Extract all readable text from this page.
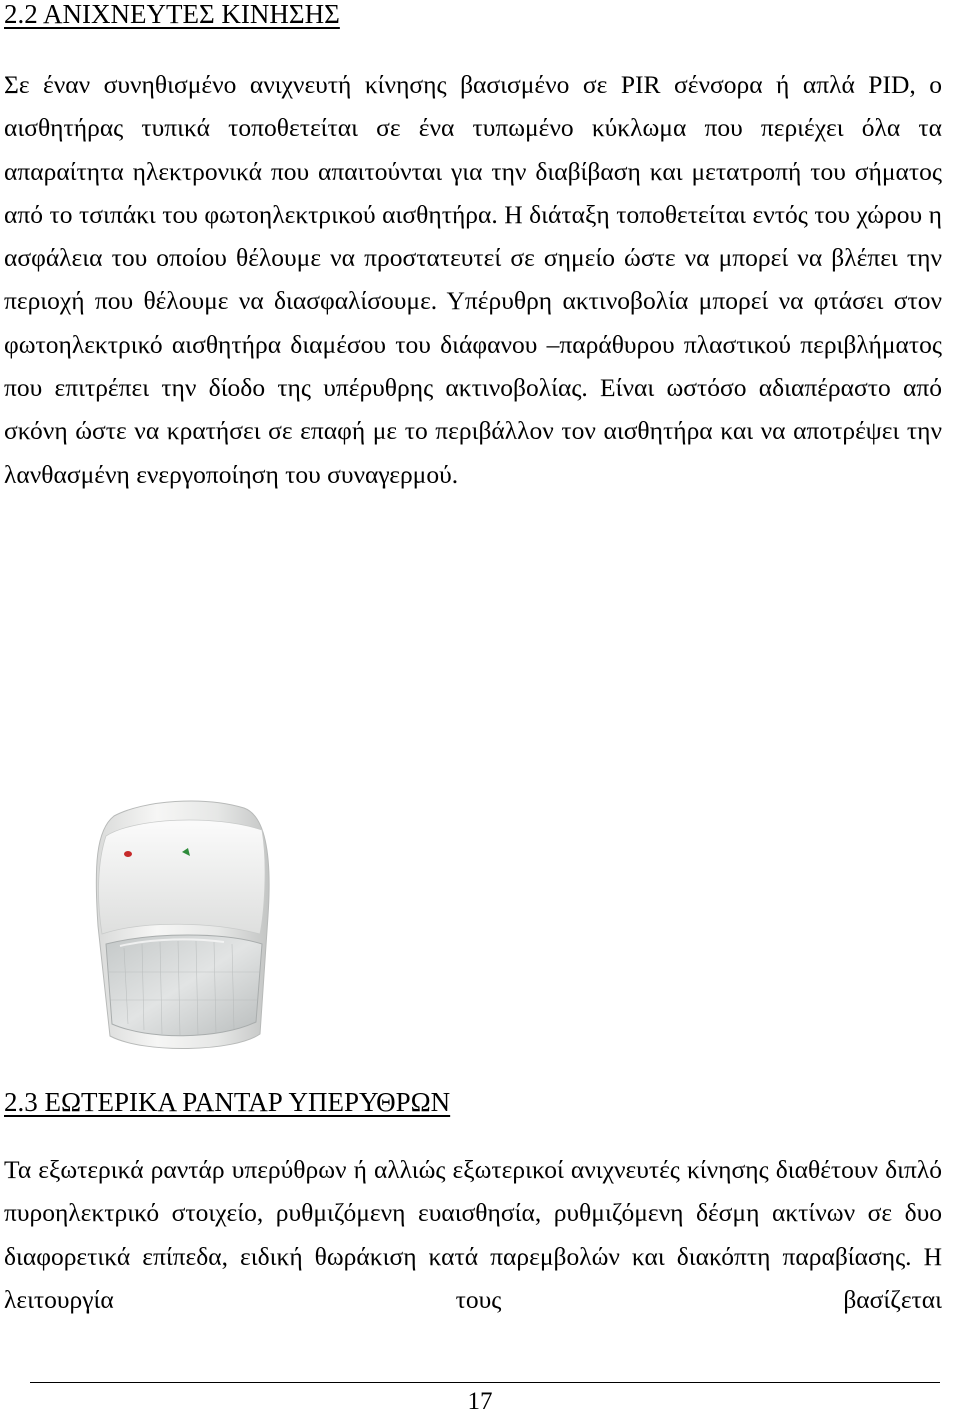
2.2 ΑΝΙΧΝΕΥΤΕΣ ΚΙΝΗΣΗΣ

Σε έναν συνηθισμένο ανιχνευτή κίνησης βασισμένο σε PIR σένσορα ή απλά PID, ο αισθητήρας τυπικά τοποθετείται σε ένα τυπωμένο κύκλωμα που περιέχει όλα τα απαραίτητα ηλεκτρονικά που απαιτούνται για την διαβίβαση και μετατροπή του σήματος από το τσιπάκι του φωτοηλεκτρικού αισθητήρα. Η διάταξη τοποθετείται εντός του χώρου η ασφάλεια του οποίου θέλουμε να προστατευτεί σε σημείο ώστε να μπορεί να βλέπει την περιοχή που θέλουμε να διασφαλίσουμε. Υπέρυθρη ακτινοβολία μπορεί να φτάσει στον φωτοηλεκτρικό αισθητήρα διαμέσου του διάφανου –παράθυρου πλαστικού περιβλήματος που επιτρέπει την δίοδο της υπέρυθρης ακτινοβολίας. Είναι ωστόσο αδιαπέραστο από σκόνη ώστε να κρατήσει σε επαφή με το περιβάλλον τον αισθητήρα και να αποτρέψει την λανθασμένη ενεργοποίηση του συναγερμού.

2.3 ΕΩΤΕΡΙΚΑ ΡΑΝΤΑΡ ΥΠΕΡΥΘΡΩΝ

Τα εξωτερικά ραντάρ υπερύθρων ή αλλιώς εξωτερικοί ανιχνευτές κίνησης διαθέτουν διπλό πυροηλεκτρικό στοιχείο, ρυθμιζόμενη ευαισθησία, ρυθμιζόμενη δέσμη ακτίνων σε δυο διαφορετικά επίπεδα, ειδική θωράκιση κατά παρεμβολών και διακόπτη παραβίασης. Η λειτουργία τους βασίζεται

17
